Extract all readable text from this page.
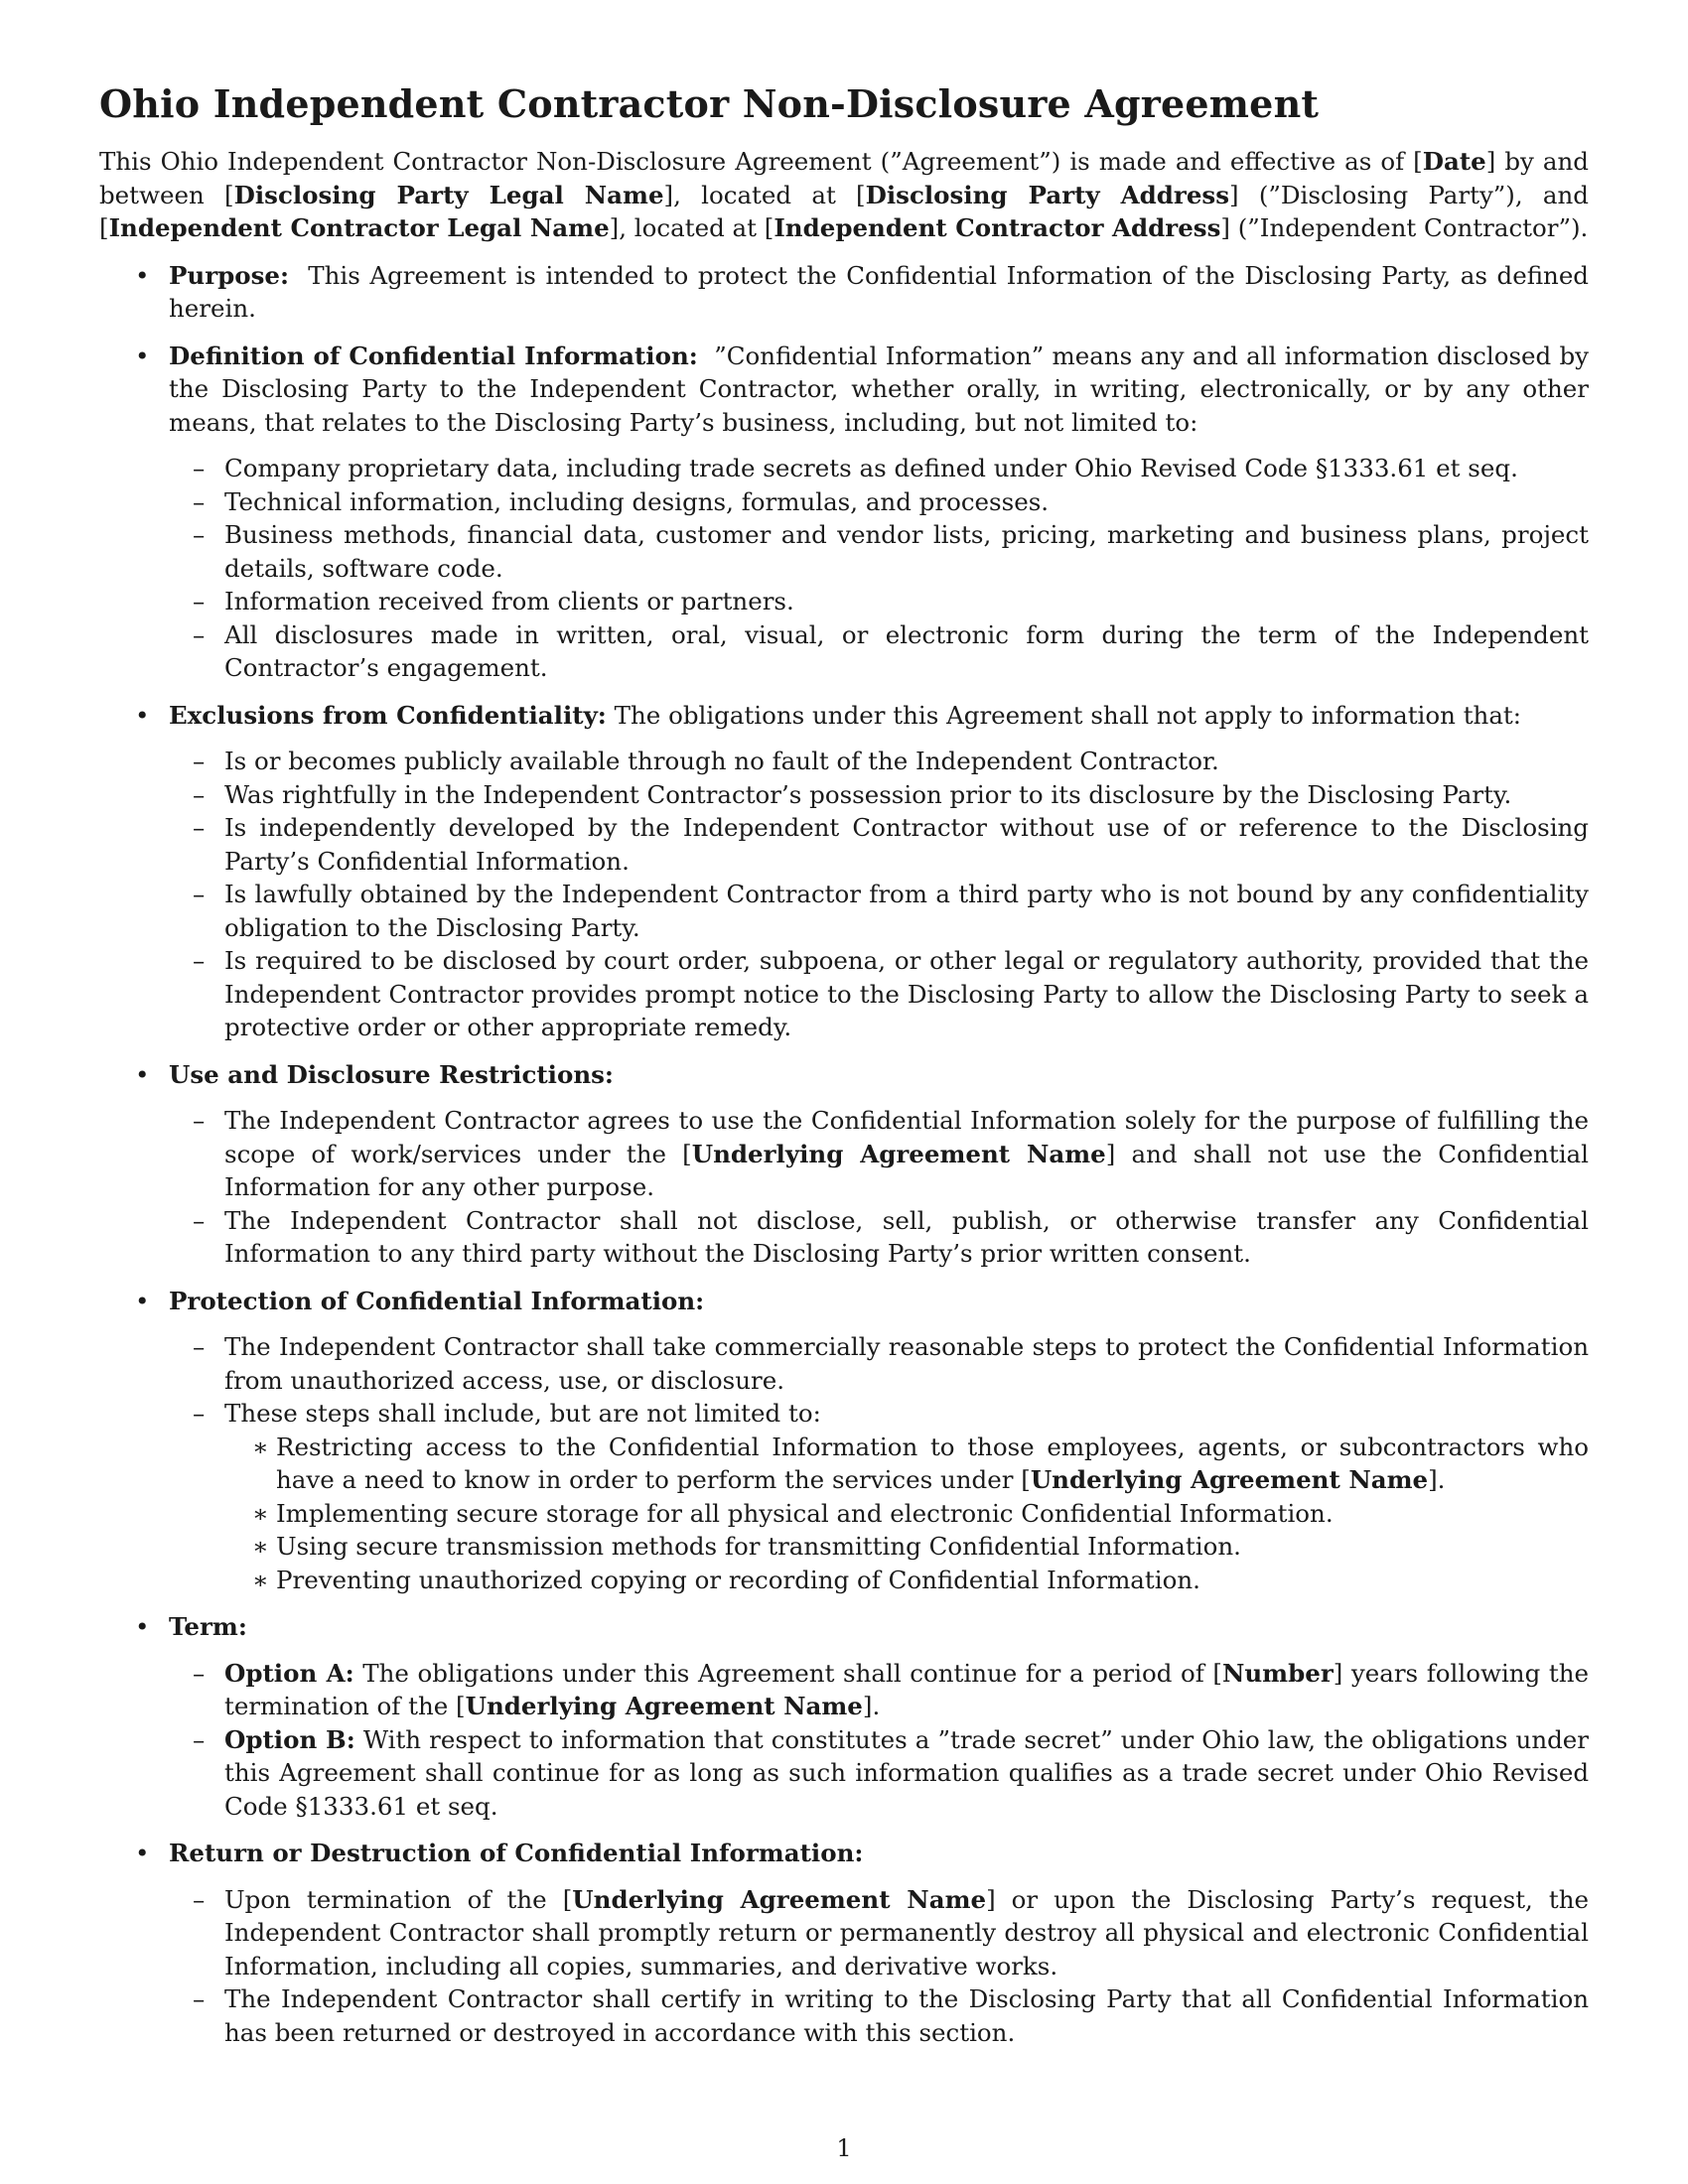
Ohio Independent Contractor Non-Disclosure Agreement

This Ohio Independent Contractor Non-Disclosure Agreement (”Agreement”) is made and effective as of [Date] by and between [Disclosing Party Legal Name], located at [Disclosing Party Address] (”Disclosing Party”), and [Independent Contractor Legal Name], located at [Independent Contractor Address] (”Independent Contractor”).

• Purpose: This Agreement is intended to protect the Confidential Information of the Disclosing Party, as defined herein.
• Definition of Confidential Information: ”Confidential Information” means any and all information disclosed by the Disclosing Party to the Independent Contractor, whether orally, in writing, electronically, or by any other means, that relates to the Disclosing Party’s business, including, but not limited to:
– Company proprietary data, including trade secrets as defined under Ohio Revised Code §1333.61 et seq.
– Technical information, including designs, formulas, and processes.
– Business methods, financial data, customer and vendor lists, pricing, marketing and business plans, project details, software code.
– Information received from clients or partners.
– All disclosures made in written, oral, visual, or electronic form during the term of the Independent Contractor’s engagement.
• Exclusions from Confidentiality: The obligations under this Agreement shall not apply to information that:
– Is or becomes publicly available through no fault of the Independent Contractor.
– Was rightfully in the Independent Contractor’s possession prior to its disclosure by the Disclosing Party.
– Is independently developed by the Independent Contractor without use of or reference to the Disclosing Party’s Confidential Information.
– Is lawfully obtained by the Independent Contractor from a third party who is not bound by any confidentiality obligation to the Disclosing Party.
– Is required to be disclosed by court order, subpoena, or other legal or regulatory authority, provided that the Independent Contractor provides prompt notice to the Disclosing Party to allow the Disclosing Party to seek a protective order or other appropriate remedy.
• Use and Disclosure Restrictions:
– The Independent Contractor agrees to use the Confidential Information solely for the purpose of fulfilling the scope of work/services under the [Underlying Agreement Name] and shall not use the Confidential Information for any other purpose.
– The Independent Contractor shall not disclose, sell, publish, or otherwise transfer any Confidential Information to any third party without the Disclosing Party’s prior written consent.
• Protection of Confidential Information:
– The Independent Contractor shall take commercially reasonable steps to protect the Confidential Information from unauthorized access, use, or disclosure.
– These steps shall include, but are not limited to:
∗ Restricting access to the Confidential Information to those employees, agents, or subcontractors who have a need to know in order to perform the services under [Underlying Agreement Name].
∗ Implementing secure storage for all physical and electronic Confidential Information.
∗ Using secure transmission methods for transmitting Confidential Information.
∗ Preventing unauthorized copying or recording of Confidential Information.
• Term:
– Option A: The obligations under this Agreement shall continue for a period of [Number] years following the termination of the [Underlying Agreement Name].
– Option B: With respect to information that constitutes a ”trade secret” under Ohio law, the obligations under this Agreement shall continue for as long as such information qualifies as a trade secret under Ohio Revised Code §1333.61 et seq.
• Return or Destruction of Confidential Information:
– Upon termination of the [Underlying Agreement Name] or upon the Disclosing Party’s request, the Independent Contractor shall promptly return or permanently destroy all physical and electronic Confidential Information, including all copies, summaries, and derivative works.
– The Independent Contractor shall certify in writing to the Disclosing Party that all Confidential Information has been returned or destroyed in accordance with this section.
1
